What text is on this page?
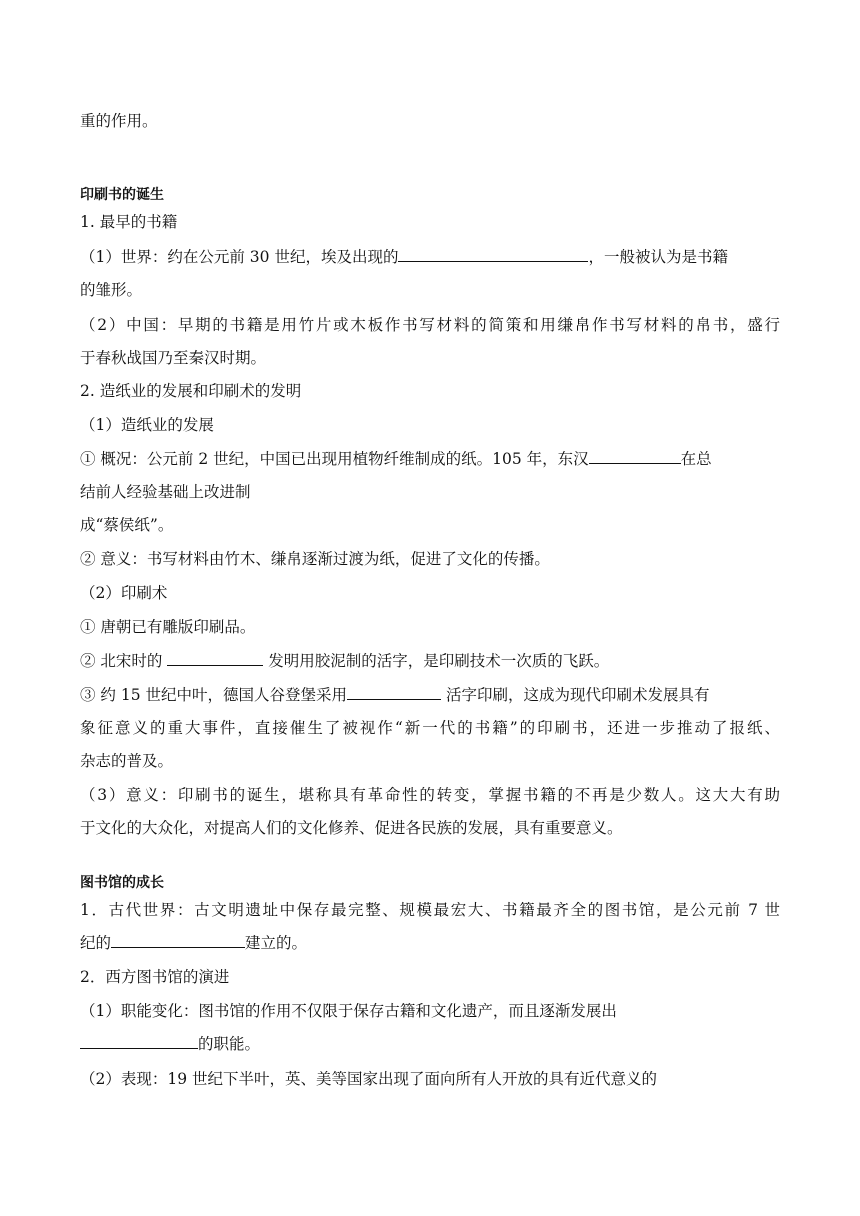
重的作用。
印刷书的诞生
1. 最早的书籍
（1）世界：约在公元前 30 世纪，埃及出现的	，一般被认为是书籍
的雏形。
（2）中国：早期的书籍是用竹片或木板作书写材料的简策和用缣帛作书写材料的帛书，盛行
于春秋战国乃至秦汉时期。
2. 造纸业的发展和印刷术的发明
（1）造纸业的发展
① 概况：公元前 2 世纪，中国已出现用植物纤维制成的纸。105 年，东汉	在总
结前人经验基础上改进制
成“蔡侯纸”。
② 意义：书写材料由竹木、缣帛逐渐过渡为纸，促进了文化的传播。
（2）印刷术
① 唐朝已有雕版印刷品。
② 北宋时的	发明用胶泥制的活字，是印刷技术一次质的飞跃。
③ 约 15 世纪中叶，德国人谷登堡采用	活字印刷，这成为现代印刷术发展具有
象征意义的重大事件，直接催生了被视作“新一代的书籍”的印刷书，还进一步推动了报纸、
杂志的普及。
（3）意义：印刷书的诞生，堪称具有革命性的转变，掌握书籍的不再是少数人。这大大有助
于文化的大众化，对提高人们的文化修养、促进各民族的发展，具有重要意义。
图书馆的成长
1．古代世界：古文明遗址中保存最完整、规模最宏大、书籍最齐全的图书馆，是公元前 7 世
纪的	建立的。
2．西方图书馆的演进
（1）职能变化：图书馆的作用不仅限于保存古籍和文化遗产，而且逐渐发展出
的职能。
（2）表现：19 世纪下半叶，英、美等国家出现了面向所有人开放的具有近代意义的
